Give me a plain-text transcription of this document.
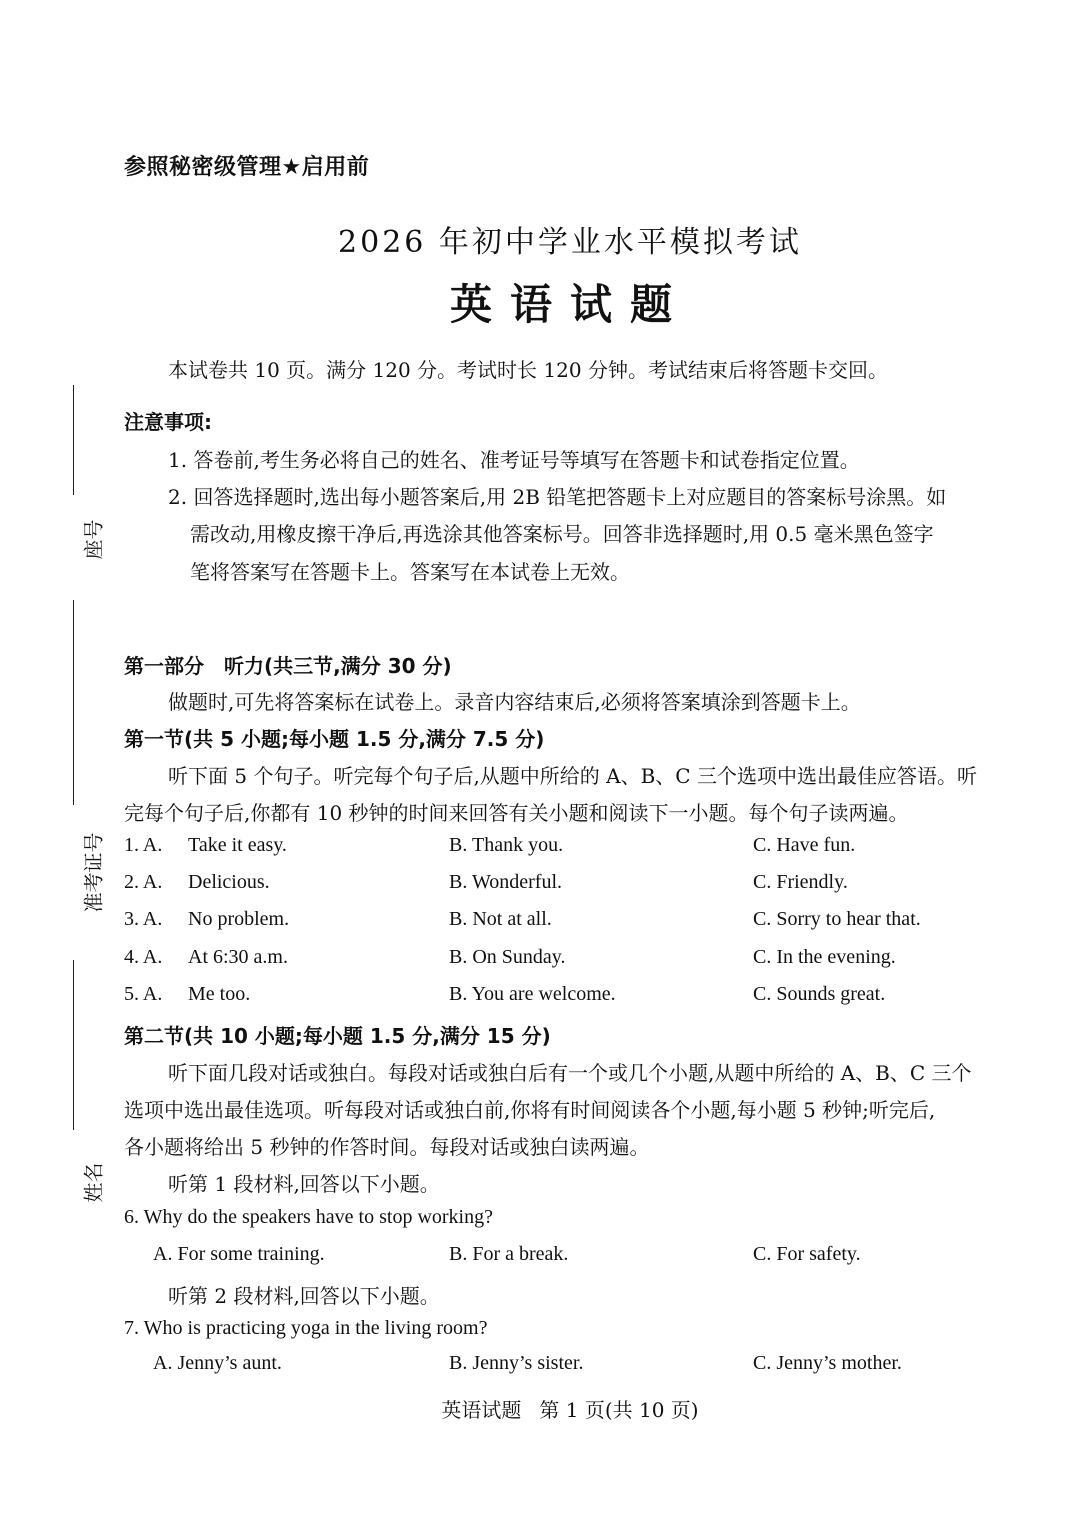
参照秘密级管理★启用前
2026 年初中学业水平模拟考试
英语试题
本试卷共 10 页。满分 120 分。考试时长 120 分钟。考试结束后将答题卡交回。
注意事项:
1. 答卷前,考生务必将自己的姓名、准考证号等填写在答题卡和试卷指定位置。
2. 回答选择题时,选出每小题答案后,用 2B 铅笔把答题卡上对应题目的答案标号涂黑。如
需改动,用橡皮擦干净后,再选涂其他答案标号。回答非选择题时,用 0.5 毫米黑色签字
笔将答案写在答题卡上。答案写在本试卷上无效。
座号
准考证号
姓名
第一部分　听力(共三节,满分 30 分)
做题时,可先将答案标在试卷上。录音内容结束后,必须将答案填涂到答题卡上。
第一节(共 5 小题;每小题 1.5 分,满分 7.5 分)
听下面 5 个句子。听完每个句子后,从题中所给的 A、B、C 三个选项中选出最佳应答语。听
完每个句子后,你都有 10 秒钟的时间来回答有关小题和阅读下一小题。每个句子读两遍。
1. A. Take it easy.	B. Thank you.	C. Have fun.
2. A. Delicious.	B. Wonderful.	C. Friendly.
3. A. No problem.	B. Not at all.	C. Sorry to hear that.
4. A. At 6:30 a.m.	B. On Sunday.	C. In the evening.
5. A. Me too.	B. You are welcome.	C. Sounds great.
第二节(共 10 小题;每小题 1.5 分,满分 15 分)
听下面几段对话或独白。每段对话或独白后有一个或几个小题,从题中所给的 A、B、C 三个
选项中选出最佳选项。听每段对话或独白前,你将有时间阅读各个小题,每小题 5 秒钟;听完后,
各小题将给出 5 秒钟的作答时间。每段对话或独白读两遍。
听第 1 段材料,回答以下小题。
6. Why do the speakers have to stop working?
A. For some training.	B. For a break.	C. For safety.
听第 2 段材料,回答以下小题。
7. Who is practicing yoga in the living room?
A. Jenny’s aunt.	B. Jenny’s sister.	C. Jenny’s mother.
英语试题 第 1 页(共 10 页)
